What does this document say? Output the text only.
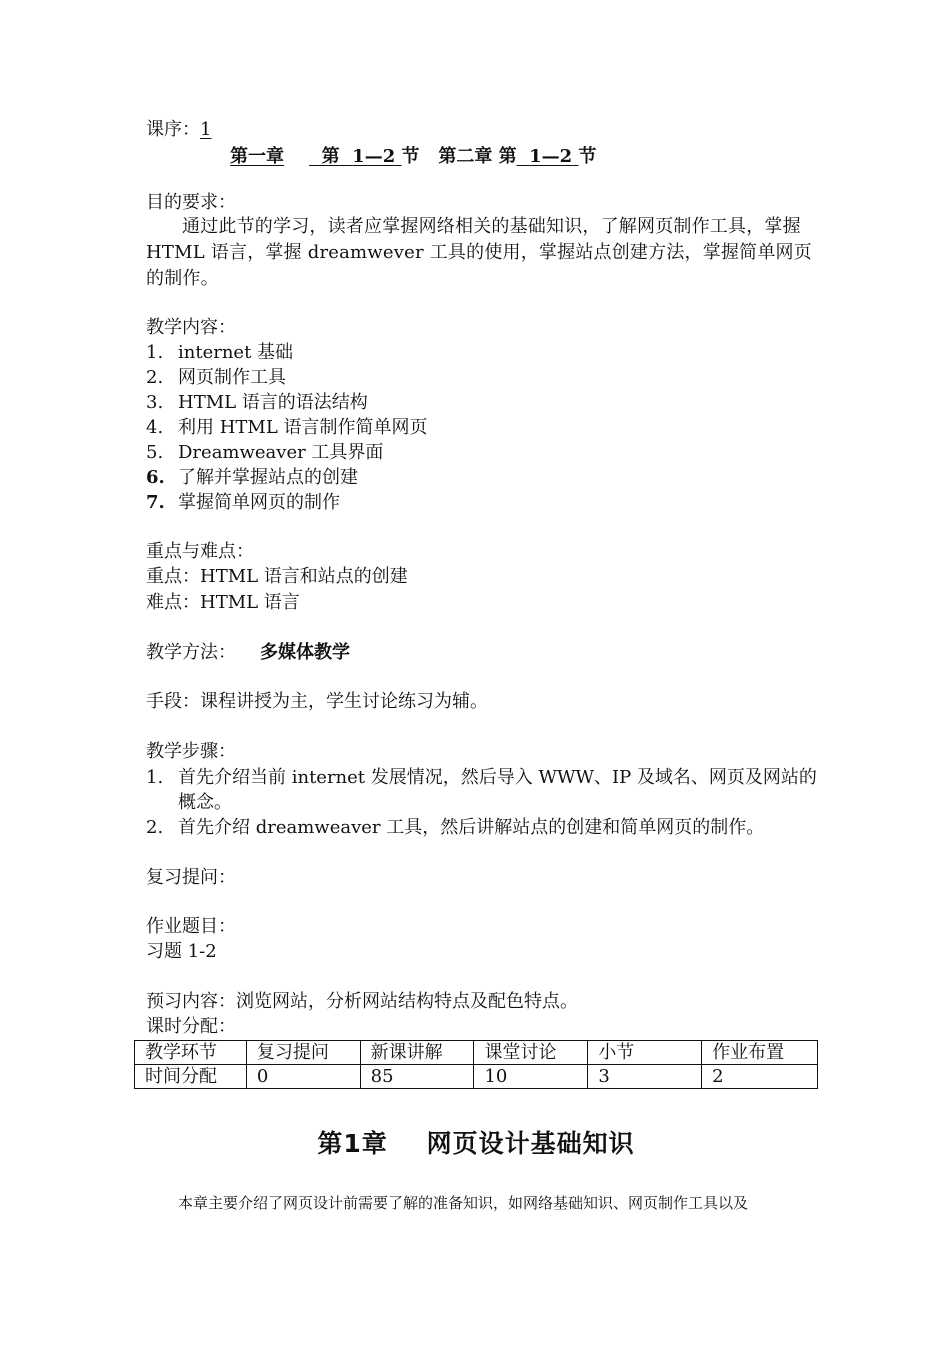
课序：1
第一章 第 1—2 节 第二章 第 1—2 节
目的要求：
通过此节的学习，读者应掌握网络相关的基础知识，了解网页制作工具，掌握 HTML 语言，掌握 dreamwever 工具的使用，掌握站点创建方法，掌握简单网页的制作。
教学内容：
1. internet 基础
2. 网页制作工具
3. HTML 语言的语法结构
4. 利用 HTML 语言制作简单网页
5. Dreamweaver 工具界面
6. 了解并掌握站点的创建
7. 掌握简单网页的制作
重点与难点：
重点：HTML 语言和站点的创建
难点：HTML 语言
教学方法： 多媒体教学
手段：课程讲授为主，学生讨论练习为辅。
教学步骤：
1. 首先介绍当前 internet 发展情况，然后导入 WWW、IP 及域名、网页及网站的概念。
2. 首先介绍 dreamweaver 工具，然后讲解站点的创建和简单网页的制作。
复习提问：
作业题目：
习题 1-2
预习内容：浏览网站，分析网站结构特点及配色特点。
课时分配：
教学环节	复习提问	新课讲解	课堂讨论	小节	作业布置
时间分配	0	85	10	3	2
第1章 网页设计基础知识
本章主要介绍了网页设计前需要了解的准备知识，如网络基础知识、网页制作工具以及
